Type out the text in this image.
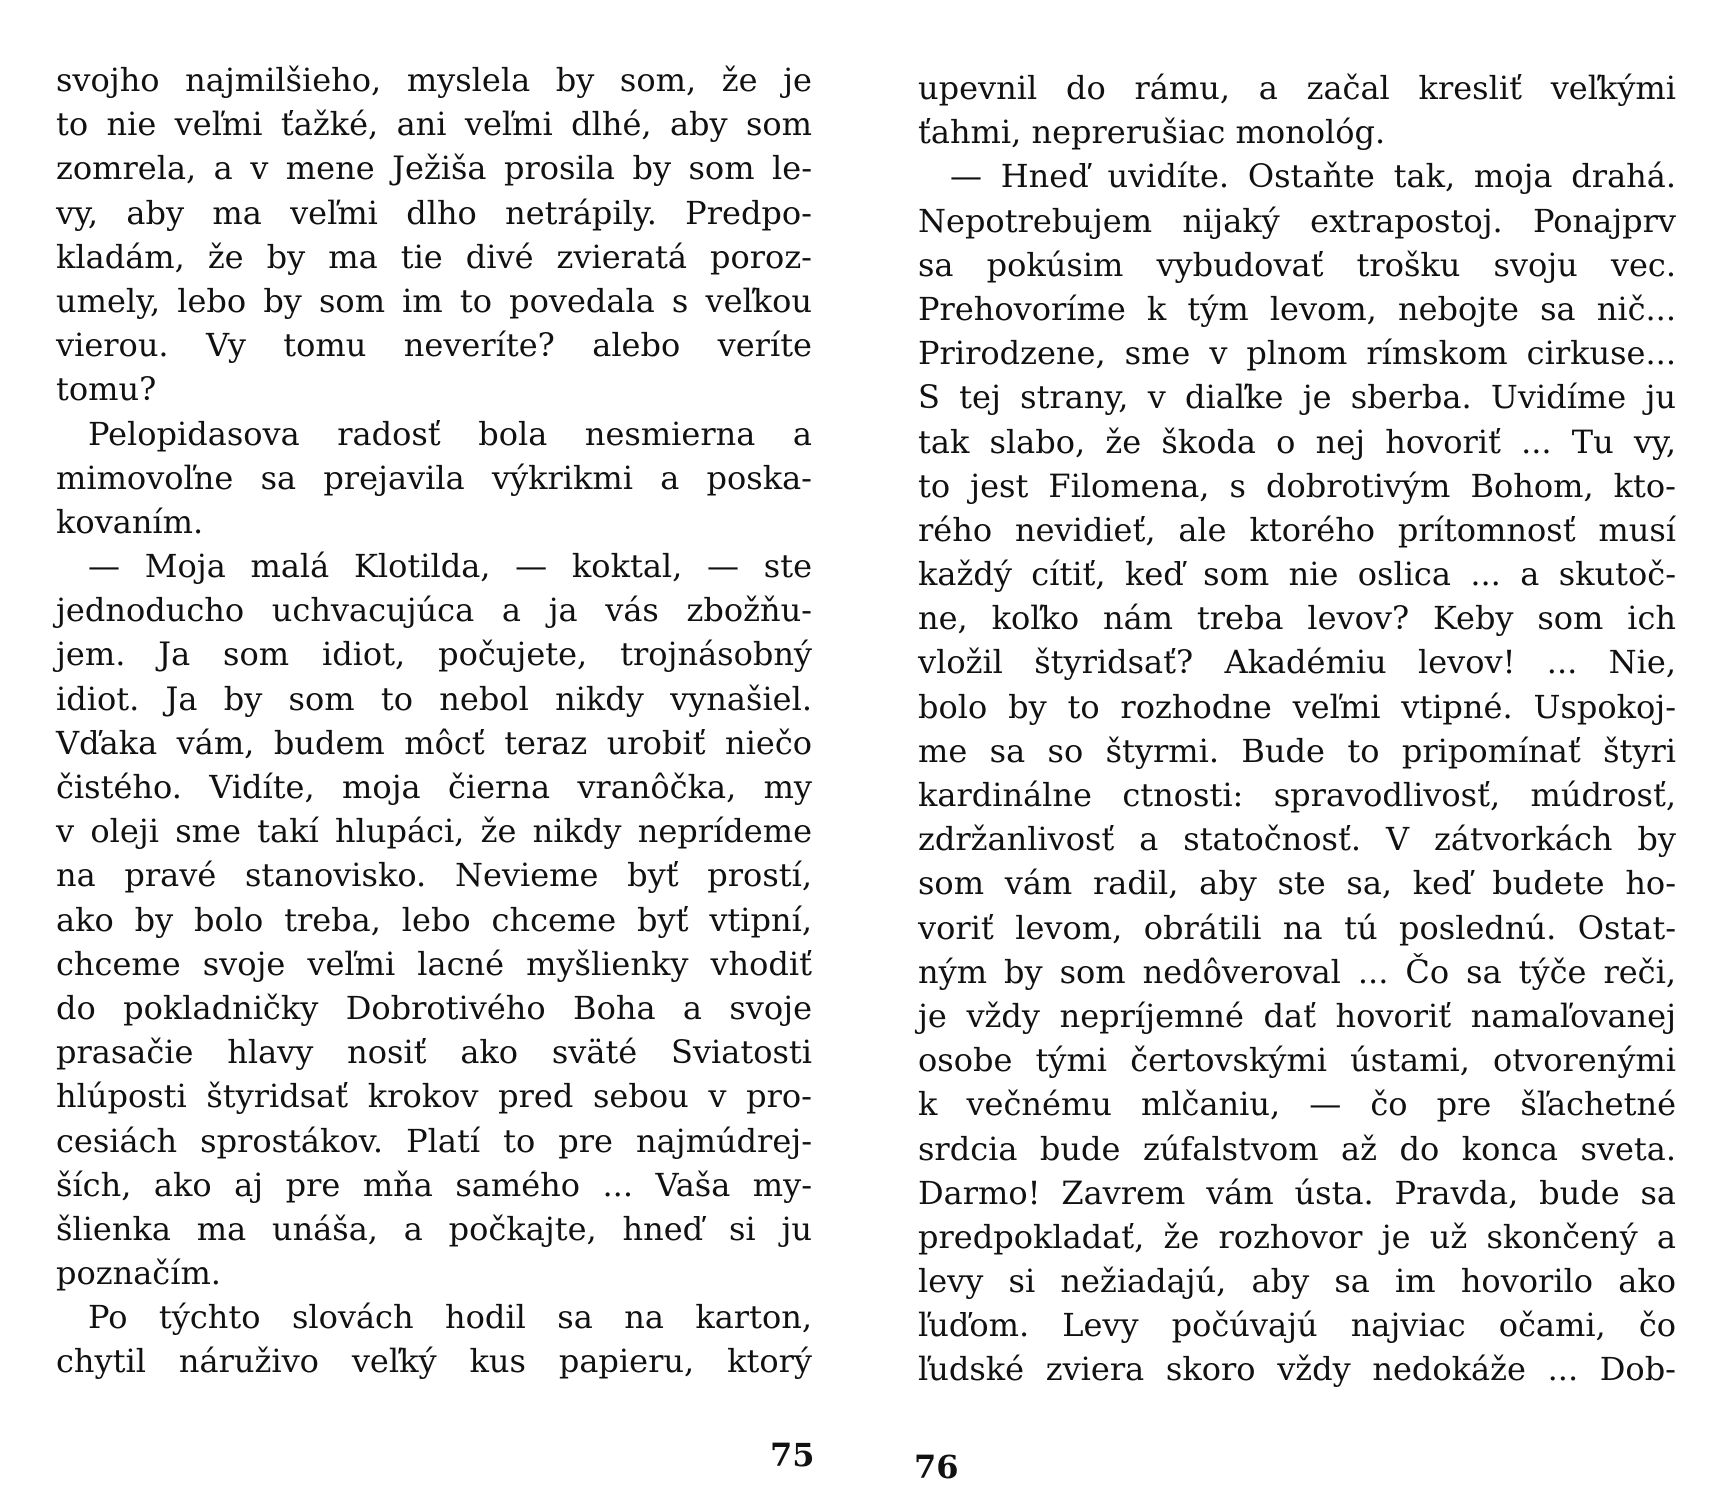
svojho najmilšieho, myslela by som, že je
to nie veľmi ťažké, ani veľmi dlhé, aby som
zomrela, a v mene Ježiša prosila by som le-
vy, aby ma veľmi dlho netrápily. Predpo-
kladám, že by ma tie divé zvieratá poroz-
umely, lebo by som im to povedala s veľkou
vierou. Vy tomu neveríte? alebo veríte
tomu?
Pelopidasova radosť bola nesmierna a
mimovoľne sa prejavila výkrikmi a poska-
kovaním.
— Moja malá Klotilda, — koktal, — ste
jednoducho uchvacujúca a ja vás zbožňu-
jem. Ja som idiot, počujete, trojnásobný
idiot. Ja by som to nebol nikdy vynašiel.
Vďaka vám, budem môcť teraz urobiť niečo
čistého. Vidíte, moja čierna vranôčka, my
v oleji sme takí hlupáci, že nikdy neprídeme
na pravé stanovisko. Nevieme byť prostí,
ako by bolo treba, lebo chceme byť vtipní,
chceme svoje veľmi lacné myšlienky vhodiť
do pokladničky Dobrotivého Boha a svoje
prasačie hlavy nosiť ako sväté Sviatosti
hlúposti štyridsať krokov pred sebou v pro-
cesiách sprostákov. Platí to pre najmúdrej-
ších, ako aj pre mňa samého ... Vaša my-
šlienka ma unáša, a počkajte, hneď si ju
poznačím.
Po týchto slovách hodil sa na karton,
chytil náruživo veľký kus papieru, ktorý
upevnil do rámu, a začal kresliť veľkými
ťahmi, neprerušiac monológ.
— Hneď uvidíte. Ostaňte tak, moja drahá.
Nepotrebujem nijaký extrapostoj. Ponajprv
sa pokúsim vybudovať trošku svoju vec.
Prehovoríme k tým levom, nebojte sa nič...
Prirodzene, sme v plnom rímskom cirkuse...
S tej strany, v diaľke je sberba. Uvidíme ju
tak slabo, že škoda o nej hovoriť ... Tu vy,
to jest Filomena, s dobrotivým Bohom, kto-
rého nevidieť, ale ktorého prítomnosť musí
každý cítiť, keď som nie oslica ... a skutoč-
ne, koľko nám treba levov? Keby som ich
vložil štyridsať? Akadémiu levov! ... Nie,
bolo by to rozhodne veľmi vtipné. Uspokoj-
me sa so štyrmi. Bude to pripomínať štyri
kardinálne ctnosti: spravodlivosť, múdrosť,
zdržanlivosť a statočnosť. V zátvorkách by
som vám radil, aby ste sa, keď budete ho-
voriť levom, obrátili na tú poslednú. Ostat-
ným by som nedôveroval ... Čo sa týče reči,
je vždy nepríjemné dať hovoriť namaľovanej
osobe tými čertovskými ústami, otvorenými
k večnému mlčaniu, — čo pre šľachetné
srdcia bude zúfalstvom až do konca sveta.
Darmo! Zavrem vám ústa. Pravda, bude sa
predpokladať, že rozhovor je už skončený a
levy si nežiadajú, aby sa im hovorilo ako
ľuďom. Levy počúvajú najviac očami, čo
ľudské zviera skoro vždy nedokáže ... Dob-
75	76
